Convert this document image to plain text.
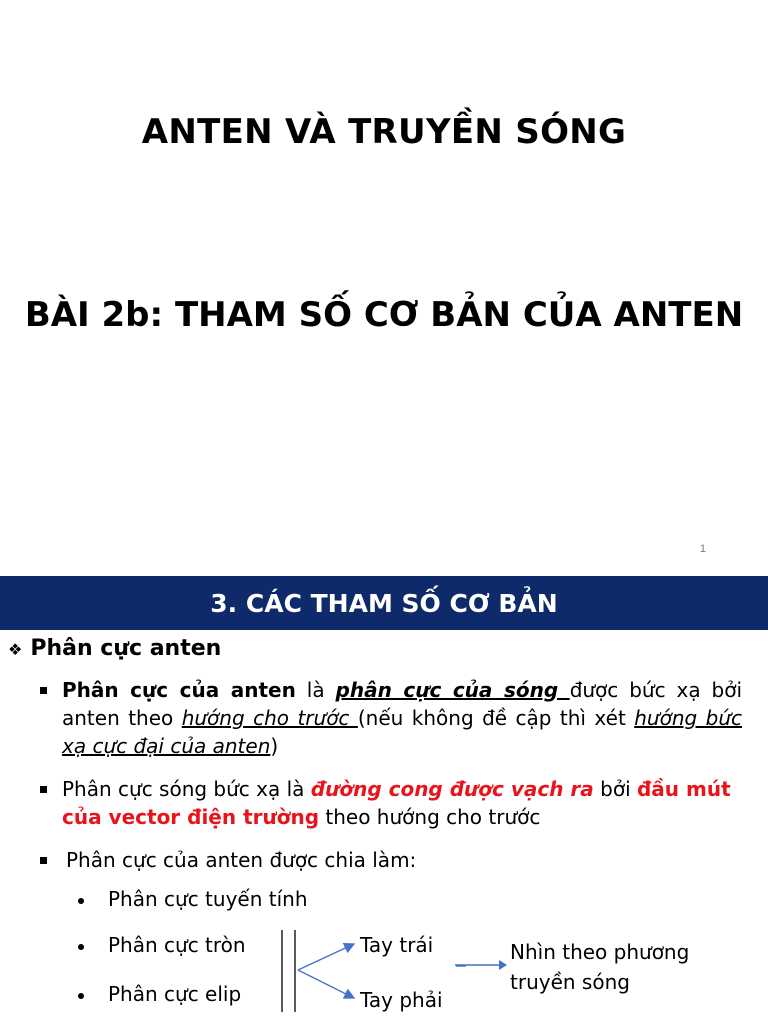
ANTEN VÀ TRUYỀN SÓNG
BÀI 2b: THAM SỐ CƠ BẢN CỦA ANTEN
1
3. CÁC THAM SỐ CƠ BẢN
❖ Phân cực anten
Phân cực của anten là phân cực của sóng được bức xạ bởi anten theo hướng cho trước (nếu không đề cập thì xét hướng bức xạ cực đại của anten)
Phân cực sóng bức xạ là đường cong được vạch ra bởi đầu mút của vector điện trường theo hướng cho trước
Phân cực của anten được chia làm:
Phân cực tuyến tính
Phân cực tròn
Phân cực elip
Tay trái
Tay phải
Nhìn theo phương
truyền sóng
